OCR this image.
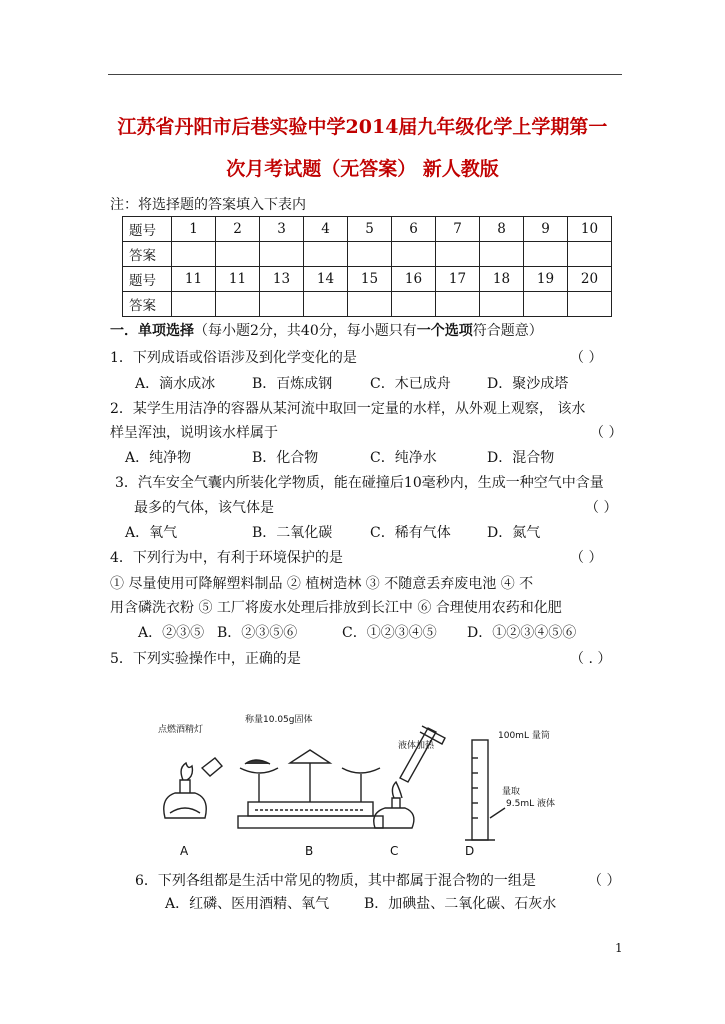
江苏省丹阳市后巷实验中学2014届九年级化学上学期第一
次月考试题（无答案） 新人教版
注：将选择题的答案填入下表内
题号	1	2	3	4	5	6	7	8	9	10
答案										
题号	11	11	13	14	15	16	17	18	19	20
答案										
一．单项选择（每小题2分，共40分，每小题只有一个选项符合题意）
1．下列成语或俗语涉及到化学变化的是	（ ）
A．滴水成冰	B．百炼成钢	C．木已成舟	D．聚沙成塔
2．某学生用洁净的容器从某河流中取回一定量的水样，从外观上观察， 该水
样呈浑浊，说明该水样属于	（ ）
A．纯净物	B．化合物	C．纯净水	D．混合物
3．汽车安全气囊内所装化学物质，能在碰撞后10毫秒内，生成一种空气中含量
最多的气体，该气体是	（ ）
A．氧气	B．二氧化碳	C．稀有气体	D．氮气
4．下列行为中，有利于环境保护的是	（ ）
① 尽量使用可降解塑料制品 ② 植树造林 ③ 不随意丢弃废电池 ④ 不
用含磷洗衣粉 ⑤ 工厂将废水处理后排放到长江中 ⑥ 合理使用农药和化肥
A．②③⑤ B．②③⑤⑥	C．①②③④⑤ D．①②③④⑤⑥
5．下列实验操作中，正确的是	（ . ）
点燃酒精灯
称量10.05g固体
液体加热
100mL 量筒
量取
9.5mL 液体
A	B	C	D
6．下列各组都是生活中常见的物质，其中都属于混合物的一组是	（ ）
A．红磷、医用酒精、氧气 B．加碘盐、二氧化碳、石灰水
1
